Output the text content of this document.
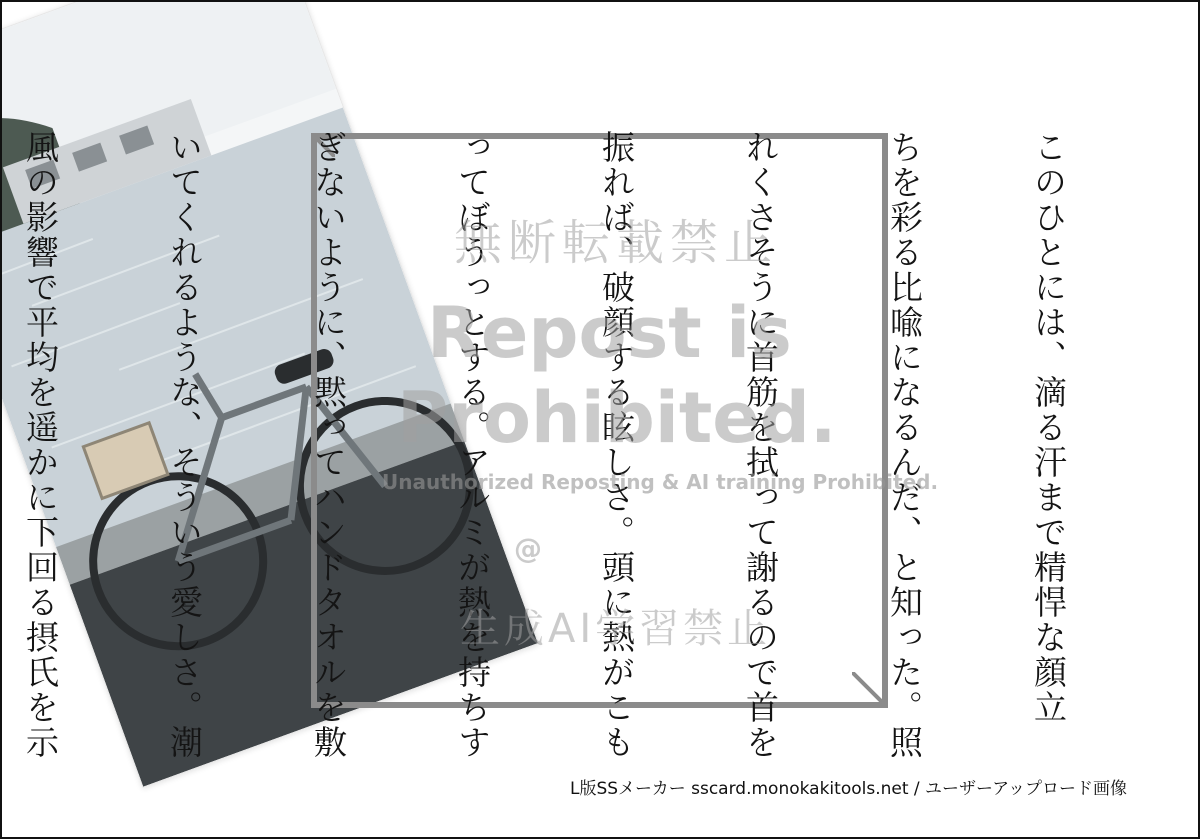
このひとには、滴る汗まで精悍な顔立

ちを彩る比喩になるんだ、と知った。照

れくさそうに首筋を拭って謝るので首を

振れば、破顔する眩しさ。頭に熱がこも

ってぼうっとする。アルミが熱を持ちす

ぎないように、黙ってハンドタオルを敷

いてくれるような、そういう愛しさ。潮

風の影響で平均を遥かに下回る摂氏を示

	無断転載禁止
Repost is
Prohibited.
Unauthorized Reposting & AI training Prohibited.
@
生成AI学習禁止
L版SSメーカー sscard.monokakitools.net / ユーザーアップロード画像
